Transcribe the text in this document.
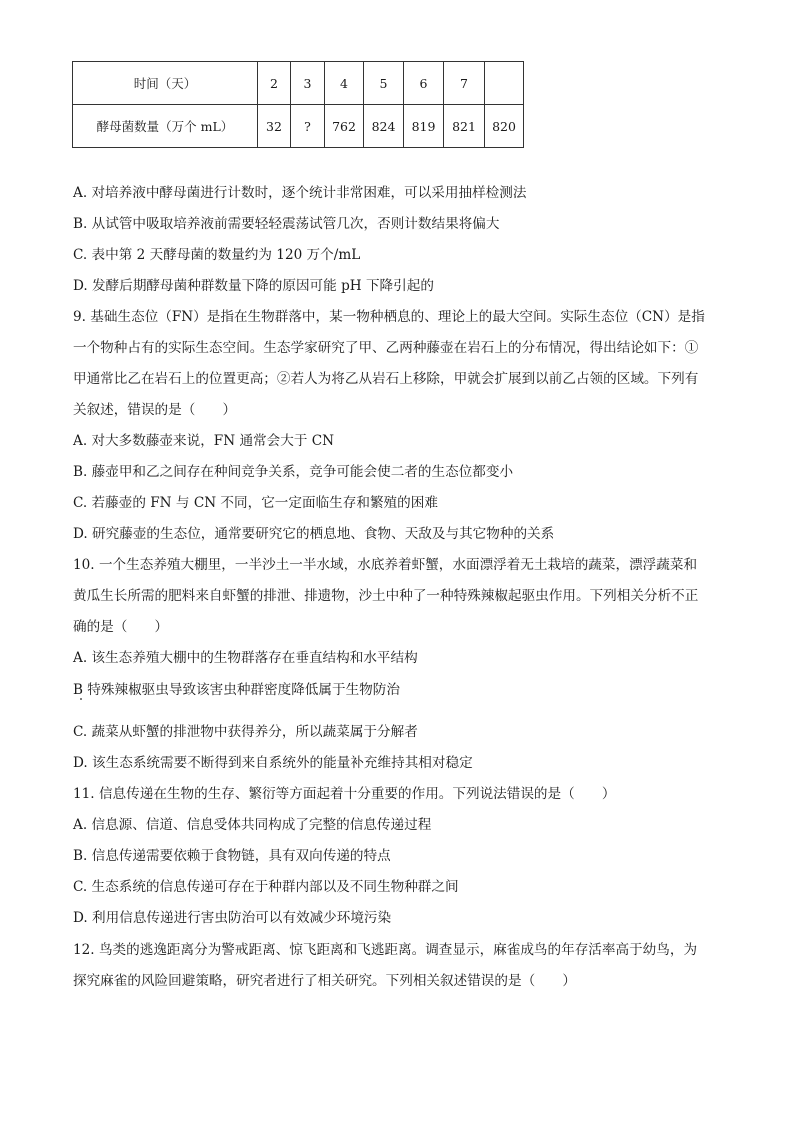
时间（天）	2	3	4	5	6	7	
酵母菌数量（万个 mL）	32	?	762	824	819	821	820
A. 对培养液中酵母菌进行计数时，逐个统计非常困难，可以采用抽样检测法
B. 从试管中吸取培养液前需要轻轻震荡试管几次，否则计数结果将偏大
C. 表中第 2 天酵母菌的数量约为 120 万个/mL
D. 发酵后期酵母菌种群数量下降的原因可能 pH 下降引起的
9. 基础生态位（FN）是指在生物群落中，某一物种栖息的、理论上的最大空间。实际生态位（CN）是指
一个物种占有的实际生态空间。生态学家研究了甲、乙两种藤壶在岩石上的分布情况，得出结论如下：①
甲通常比乙在岩石上的位置更高；②若人为将乙从岩石上移除，甲就会扩展到以前乙占领的区域。下列有
关叙述，错误的是（　　）
A. 对大多数藤壶来说，FN 通常会大于 CN
B. 藤壶甲和乙之间存在种间竞争关系，竞争可能会使二者的生态位都变小
C. 若藤壶的 FN 与 CN 不同，它一定面临生存和繁殖的困难
D. 研究藤壶的生态位，通常要研究它的栖息地、食物、天敌及与其它物种的关系
10. 一个生态养殖大棚里，一半沙土一半水域，水底养着虾蟹，水面漂浮着无土栽培的蔬菜，漂浮蔬菜和
黄瓜生长所需的肥料来自虾蟹的排泄、排遗物，沙土中种了一种特殊辣椒起驱虫作用。下列相关分析不正
确的是（　　）
A. 该生态养殖大棚中的生物群落存在垂直结构和水平结构
B 特殊辣椒驱虫导致该害虫种群密度降低属于生物防治
C. 蔬菜从虾蟹的排泄物中获得养分，所以蔬菜属于分解者
D. 该生态系统需要不断得到来自系统外的能量补充维持其相对稳定
11. 信息传递在生物的生存、繁衍等方面起着十分重要的作用。下列说法错误的是（　　）
A. 信息源、信道、信息受体共同构成了完整的信息传递过程
B. 信息传递需要依赖于食物链，具有双向传递的特点
C. 生态系统的信息传递可存在于种群内部以及不同生物种群之间
D. 利用信息传递进行害虫防治可以有效减少环境污染
12. 鸟类的逃逸距离分为警戒距离、惊飞距离和飞逃距离。调查显示，麻雀成鸟的年存活率高于幼鸟，为
探究麻雀的风险回避策略，研究者进行了相关研究。下列相关叙述错误的是（　　）
